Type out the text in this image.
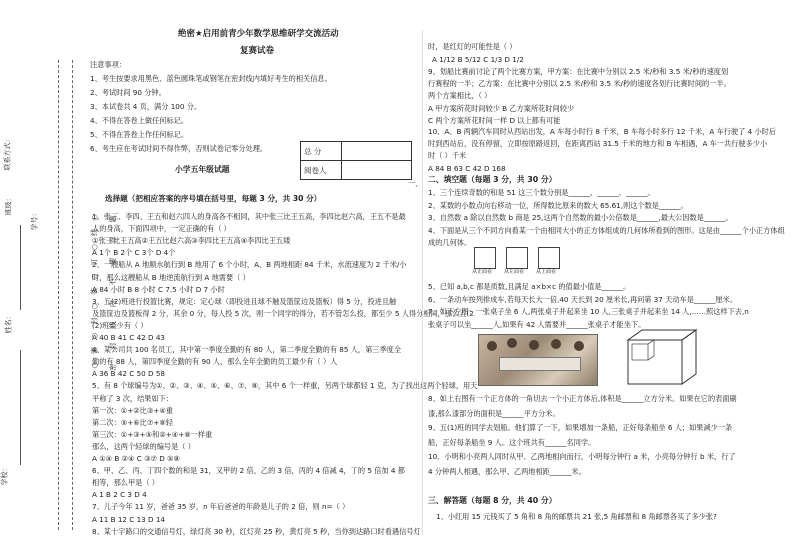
学校：
姓名：
班级：
联系方式：
学号：	○ 密 ○ 封 ○ 装 ○ 订 ○ 线 ○ 密 封 线 内 不 要 答 题
绝密★启用前青少年数学思维研学交流活动
复赛试卷
注意事项：
1、考生按要求用黑色、蓝色圆珠笔或钢笔在密封线内填好考生的相关信息。
2、考试时间 90 分钟。
3、本试卷共 4 页，满分 100 分。
4、不得在答卷上做任何标记。
5、不得在答卷上作任何标记。
6、考生应在考试时间不得作弊，否则试卷记零分处理。	总 分	
阅卷人	
小学五年级试题
一、
选择题（把相应答案的序号填在括号里，每题 3 分，共 30 分）
1、张三、李四、王五和赵六四人的身高各不相同，其中张三比王五高，李四比赵六高，王五不是最
人的身高，下面四项中，一定正确的有（ ）
①张三比王五高②王五比赵六高③李四比王五高④李四比王五矮
A 1个 B 2个 C 3个 D 4个
2、一艘船从 A 地顺水航行到 B 地用了 6 个小时，A、B 两地相距 84 千米，水流速度为 2 千米/小
时，那么这艘船从 B 地逆流航行到 A 地需要（ ）
A 84 小时 B 8 小时 C 7.5 小时 D 7 小时
3、五(2)班进行投篮比赛，规定：定心球（即投进且球不触及篮筐边及篮板）得 5 分，投进且触
及篮筐边及篮板得 2 分，其余 0 分，每人投 5 次，则一个同学的得分，若不管怎么投，都至少 5 人得分相同，那么五(2
(2)班至少有（ ）
A 40 B 41 C 42 D 43
4、某公司共 100 名员工，其中第一季度全勤的有 80 人，第二季度全勤的有 85 人，第三季度全
勤的有 88 人，第四季度全勤的有 90 人，那么全年全勤的员工最少有（ ）人
A 36 B 42 C 50 D 58
5、有 8 个球编号为①、②、③、④、⑤、⑥、⑦、⑧，其中 6 个一样重，另两个球都轻 1 克，为了找出这两个轻球，用天
平称了 3 次，结果如下：
第一次：①+②比③+④重
第二次：⑤+⑥比⑦+⑧轻
第三次：①+③+⑤和②+④+⑧一样重
那么，这两个轻球的编号是（ ）
A ①④ B ②④ C ③⑦ D ⑤⑧
6、甲、乙、丙、丁四个数的和是 31，又甲的 2 倍，乙的 3 倍，丙的 4 倍减 4，丁的 5 倍加 4 都
相等，那么甲是（ ）
A 1 B 2 C 3 D 4
7、儿子今年 11 岁，爸爸 35 岁，n 年后爸爸的年龄是儿子的 2 倍，则 n=（ ）
A 11 B 12 C 13 D 14
8、某十字路口的交通信号灯，绿灯亮 30 秒，红灯亮 25 秒，黄灯亮 5 秒，当你到达路口时看遇信号灯
时，是红灯的可能性是（ ）
A 1/12 B 5/12 C 1/3 D 1/2
9、划船比赛前讨论了两个比赛方案，甲方案：在比赛中分别以 2.5 米/秒和 3.5 米/秒的速度划
行赛程的一半；乙方案：在比赛中分别以 2.5 米/秒和 3.5 米/秒的速度各划行比赛时间的一半。
两个方案相比，（ ）
A 甲方案所花时间较少 B 乙方案所花时间较少
C 两个方案所花时间一样 D 以上都有可能
10、A、B 两辆汽车同时从西站出发，A 车每小时行 8 千米，B 车每小时多行 12 千米，A 车行驶了 4 小时后
时到西站后，没有停留，立即按原路返回，在距离西站 31.5 千米的地方和 B 车相遇，A 车一共行驶多少小
时（ ）千米
A 84 B 63 C 42 D 168
二、填空题（每题 3 分，共 30 分）
1、三个连续奇数的和是 51 这三个数分别是______、______、______。
2、某数的小数点向右移动一位，所得数比原来的数大 65.61,则这个数是______。
3、自然数 a 除以自然数 b 商是 25,这两个自然数的最小公倍数是______,最大公因数是______。
4、下面是从三个不同方向看某一个由相同大小的正方体组成的几何体所看到的图形。这是由______个小正方体组
成的几何体。
从正面看 从左面看 从上面看
5、已知 a,b,c 都是质数,且满足 a×b×c 的值最小值是______。
6、一条动车按列排成车,若每天长大一倍,40 天长到 20 厘米长,再问第 37 天动车是______厘米。
7、如下左图：一张桌子坐 6 人,两张桌子并起来坐 10 人,三张桌子并起来坐 14 人,……照这样下去,n
张桌子可以坐______人,如果有 42 人需要并______张桌子才能坐下。
8、如上右图有一个正方体的一角切去一个小正方体后,体积是______立方分米。如果在它的表面刷
漆,那么漆部分的面积是______平方分米。
9、五(1)班的同学去划船。他们算了一下，如果增加一条船，正好每条船坐 6 人；如果减少一条
船，正好每条船坐 9 人。这个班共有______名同学。
10、小明和小亮两人同时从甲、乙两地相向而行，小明每分钟行 a 米，小亮每分钟行 b 米，行了
4 分钟两人相遇，那么甲、乙两地相距______米。
三、解答题（每题 8 分，共 40 分）
1、小红用 15 元钱买了 5 角和 8 角的邮票共 21 张,5 角邮票和 8 角邮票各买了多少张?
